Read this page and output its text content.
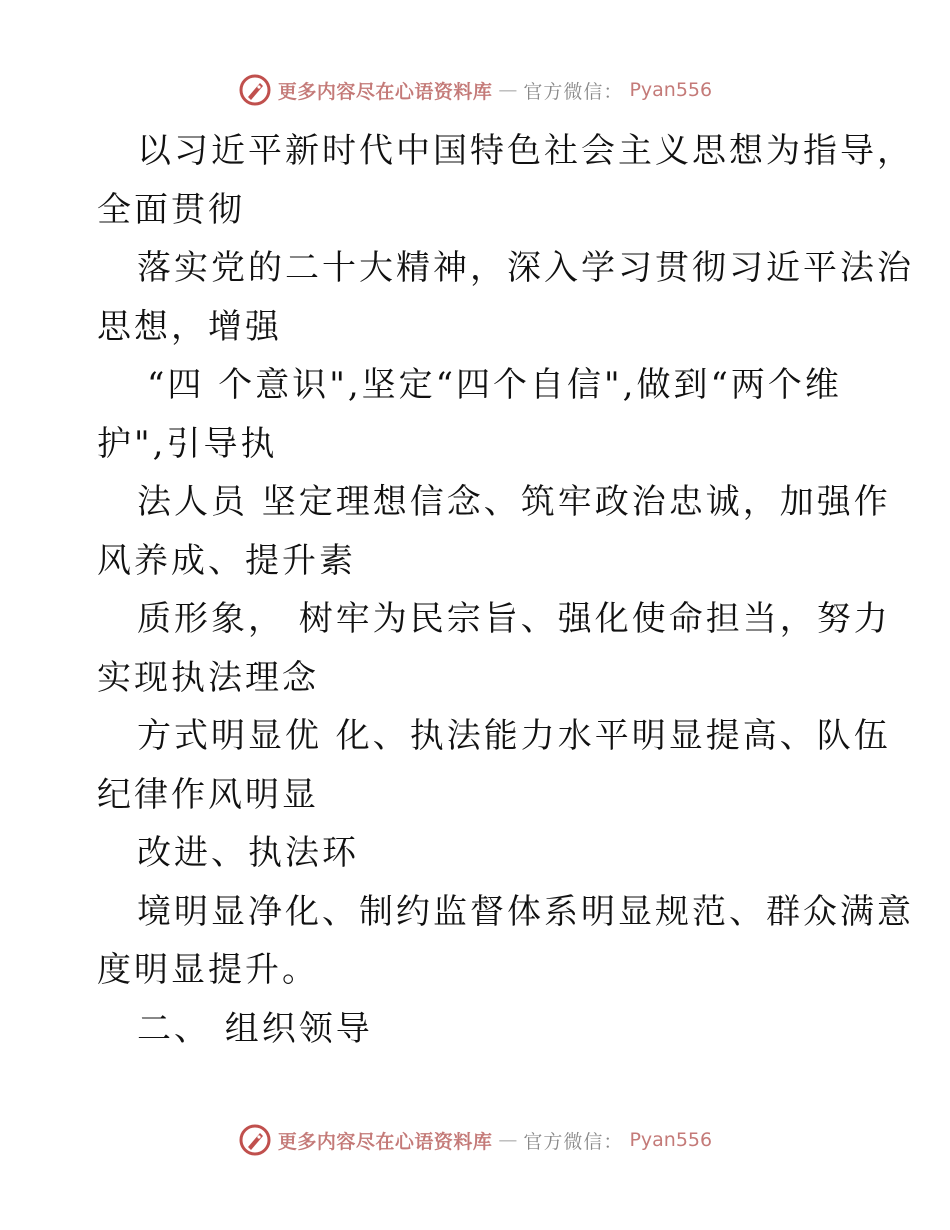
更多内容尽在心语资料库 — 官方微信： Pyan556
以习近平新时代中国特色社会主义思想为指导，
全面贯彻
落实党的二十大精神，深入学习贯彻习近平法治
思想，增强
“四 个意识",坚定“四个自信",做到“两个维
护",引导执
法人员 坚定理想信念、筑牢政治忠诚，加强作
风养成、提升素
质形象， 树牢为民宗旨、强化使命担当，努力
实现执法理念
方式明显优 化、执法能力水平明显提高、队伍
纪律作风明显
改进、执法环
境明显净化、制约监督体系明显规范、群众满意
度明显提升。
二、 组织领导
更多内容尽在心语资料库 — 官方微信： Pyan556
